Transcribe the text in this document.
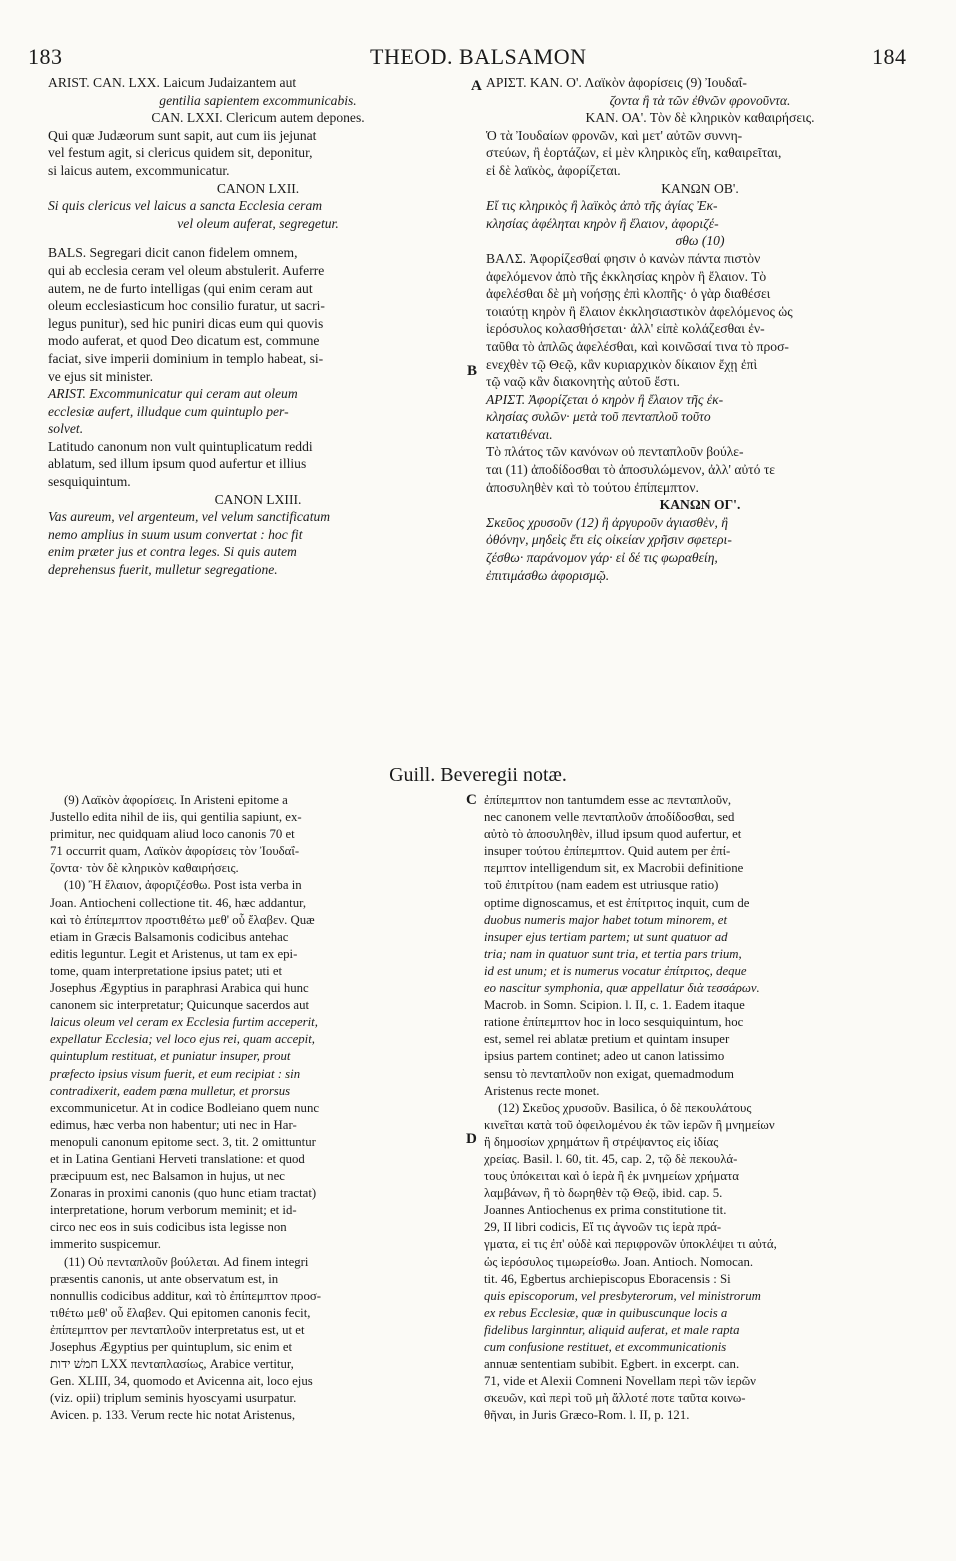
183	THEOD. BALSAMON	184
A
B
C
D

ARIST. CAN. LXX. Laicum Judaizantem aut

gentilia sapientem excommunicabis.

CAN. LXXI. Clericum autem depones.

Qui quæ Judæorum sunt sapit, aut cum iis jejunat

vel festum agit, si clericus quidem sit, deponitur,

si laicus autem, excommunicatur.

CANON LXII.

Si quis clericus vel laicus a sancta Ecclesia ceram

vel oleum auferat, segregetur.

BALS. Segregari dicit canon fidelem omnem,

qui ab ecclesia ceram vel oleum abstulerit. Auferre

autem, ne de furto intelligas (qui enim ceram aut

oleum ecclesiasticum hoc consilio furatur, ut sacri-

legus punitur), sed hic puniri dicas eum qui quovis

modo auferat, et quod Deo dicatum est, commune

faciat, sive imperii dominium in templo habeat, si-

ve ejus sit minister.

ARIST. Excommunicatur qui ceram aut oleum

ecclesiæ aufert, illudque cum quintuplo per-

solvet.

Latitudo canonum non vult quintuplicatum reddi

ablatum, sed illum ipsum quod aufertur et illius

sesquiquintum.

CANON LXIII.

Vas aureum, vel argenteum, vel velum sanctificatum

nemo amplius in suum usum convertat : hoc fit

enim præter jus et contra leges. Si quis autem

deprehensus fuerit, mulletur segregatione.

ΑΡΙΣΤ. ΚΑΝ. Ο'. Λαϊκὸν ἀφορίσεις (9) Ἰουδαΐ-

ζοντα ἢ τὰ τῶν ἐθνῶν φρονοῦντα.

ΚΑΝ. ΟΑ'. Τὸν δὲ κληρικὸν καθαιρήσεις.

Ὁ τὰ Ἰουδαίων φρονῶν, καὶ μετ' αὐτῶν συννη-

στεύων, ἢ ἑορτάζων, εἰ μὲν κληρικὸς εἴη, καθαιρεῖται,

εἰ δὲ λαϊκὸς, ἀφορίζεται.

ΚΑΝΩΝ ΟΒ'.

Εἴ τις κληρικὸς ἢ λαϊκὸς ἀπὸ τῆς ἁγίας Ἐκ-

κλησίας ἀφέληται κηρὸν ἢ ἔλαιον, ἀφοριζέ-

σθω (10)

ΒΑΛΣ. Ἀφορίζεσθαί φησιν ὁ κανὼν πάντα πιστὸν

ἀφελόμενον ἀπὸ τῆς ἐκκλησίας κηρὸν ἢ ἔλαιον. Τὸ

ἀφελέσθαι δὲ μὴ νοήσῃς ἐπὶ κλοπῆς· ὁ γὰρ διαθέσει

τοιαύτῃ κηρὸν ἢ ἔλαιον ἐκκλησιαστικὸν ἀφελόμενος ὡς

ἱερόσυλος κολασθήσεται· ἀλλ' εἰπὲ κολάζεσθαι ἐν-

ταῦθα τὸ ἁπλῶς ἀφελέσθαι, καὶ κοινῶσαί τινα τὸ προσ-

ενεχθὲν τῷ Θεῷ, κἂν κυριαρχικὸν δίκαιον ἔχῃ ἐπὶ

τῷ ναῷ κἂν διακονητὴς αὐτοῦ ἔστι.

ΑΡΙΣΤ. Ἀφορίζεται ὁ κηρὸν ἢ ἔλαιον τῆς ἐκ-

κλησίας συλῶν· μετὰ τοῦ πενταπλοῦ τοῦτο

κατατιθέναι.

Τὸ πλάτος τῶν κανόνων οὐ πενταπλοῦν βούλε-

ται (11) ἀποδίδοσθαι τὸ ἀποσυλώμενον, ἀλλ' αὐτό τε

ἀποσυληθὲν καὶ τὸ τούτου ἐπίπεμπτον.

ΚΑΝΩΝ ΟΓ'.

Σκεῦος χρυσοῦν (12) ἢ ἀργυροῦν ἁγιασθὲν, ἢ

ὀθόνην, μηδεὶς ἔτι εἰς οἰκείαν χρῆσιν σφετερι-

ζέσθω· παράνομον γάρ· εἰ δέ τις φωραθείη,

ἐπιτιμάσθω ἀφορισμῷ.

Guill. Beveregii notæ.

(9) Λαϊκὸν ἀφορίσεις. In Aristeni epitome a

Justello edita nihil de iis, qui gentilia sapiunt, ex-

primitur, nec quidquam aliud loco canonis 70 et

71 occurrit quam, Λαϊκὸν ἀφορίσεις τὸν Ἰουδαΐ-

ζοντα· τὸν δὲ κληρικὸν καθαιρήσεις.

(10) Ἢ ἔλαιον, ἀφοριζέσθω. Post ista verba in

Joan. Antiocheni collectione tit. 46, hæc addantur,

καὶ τὸ ἐπίπεμπτον προστιθέτω μεθ' οὗ ἔλαβεν. Quæ

etiam in Græcis Balsamonis codicibus antehac

editis leguntur. Legit et Aristenus, ut tam ex epi-

tome, quam interpretatione ipsius patet; uti et

Josephus Ægyptius in paraphrasi Arabica qui hunc

canonem sic interpretatur; Quicunque sacerdos aut

laicus oleum vel ceram ex Ecclesia furtim acceperit,

expellatur Ecclesia; vel loco ejus rei, quam accepit,

quintuplum restituat, et puniatur insuper, prout

præfecto ipsius visum fuerit, et eum recipiat : sin

contradixerit, eadem pœna mulletur, et prorsus

excommunicetur. At in codice Bodleiano quem nunc

edimus, hæc verba non habentur; uti nec in Har-

menopuli canonum epitome sect. 3, tit. 2 omittuntur

et in Latina Gentiani Herveti translatione: et quod

præcipuum est, nec Balsamon in hujus, ut nec

Zonaras in proximi canonis (quo hunc etiam tractat)

interpretatione, horum verborum meminit; et id-

circo nec eos in suis codicibus ista legisse non

immerito suspicemur.

(11) Οὐ πενταπλοῦν βούλεται. Ad finem integri

præsentis canonis, ut ante observatum est, in

nonnullis codicibus additur, καὶ τὸ ἐπίπεμπτον προσ-

τιθέτω μεθ' οὗ ἔλαβεν. Qui epitomen canonis fecit,

ἐπίπεμπτον per πενταπλοῦν interpretatus est, ut et

Josephus Ægyptius per quintuplum, sic enim et

חמשׁ ידות LXX πενταπλασίως, Arabice vertitur,

Gen. XLIII, 34, quomodo et Avicenna ait, loco ejus

(viz. opii) triplum seminis hyoscyami usurpatur.

Avicen. p. 133. Verum recte hic notat Aristenus,

ἐπίπεμπτον non tantumdem esse ac πενταπλοῦν,

nec canonem velle πενταπλοῦν ἀποδίδοσθαι, sed

αὐτὸ τὸ ἀποσυληθὲν, illud ipsum quod aufertur, et

insuper τούτου ἐπίπεμπτον. Quid autem per ἐπί-

πεμπτον intelligendum sit, ex Macrobii definitione

τοῦ ἐπιτρίτου (nam eadem est utriusque ratio)

optime dignoscamus, et est ἐπίτριτος inquit, cum de

duobus numeris major habet totum minorem, et

insuper ejus tertiam partem; ut sunt quatuor ad

tria; nam in quatuor sunt tria, et tertia pars trium,

id est unum; et is numerus vocatur ἐπίτριτος, deque

eo nascitur symphonia, quæ appellatur διὰ τεσσάρων.

Macrob. in Somn. Scipion. l. II, c. 1. Eadem itaque

ratione ἐπίπεμπτον hoc in loco sesquiquintum, hoc

est, semel rei ablatæ pretium et quintam insuper

ipsius partem continet; adeo ut canon latissimo

sensu τὸ πενταπλοῦν non exigat, quemadmodum

Aristenus recte monet.

(12) Σκεῦος χρυσοῦν. Basilica, ὁ δὲ πεκουλάτους

κινεῖται κατὰ τοῦ ὀφειλομένου ἐκ τῶν ἱερῶν ἢ μνημείων

ἢ δημοσίων χρημάτων ἢ στρέψαντος εἰς ἰδίας

χρείας. Basil. l. 60, tit. 45, cap. 2, τῷ δὲ πεκουλά-

τους ὑπόκειται καὶ ὁ ἱερὰ ἢ ἐκ μνημείων χρήματα

λαμβάνων, ἢ τὸ δωρηθὲν τῷ Θεῷ, ibid. cap. 5.

Joannes Antiochenus ex prima constitutione tit.

29, II libri codicis, Εἴ τις ἀγνοῶν τις ἱερὰ πρά-

γματα, εἰ τις ἐπ' οὐδὲ καὶ περιφρονῶν ὑποκλέψει τι αὐτά,

ὡς ἱερόσυλος τιμωρείσθω. Joan. Antioch. Nomocan.

tit. 46, Egbertus archiepiscopus Eboracensis : Si

quis episcoporum, vel presbyterorum, vel ministrorum

ex rebus Ecclesiæ, quæ in quibuscunque locis a

fidelibus larginntur, aliquid auferat, et male rapta

cum confusione restituet, et excommunicationis

annuæ sententiam subibit. Egbert. in excerpt. can.

71, vide et Alexii Comneni Novellam περὶ τῶν ἱερῶν

σκευῶν, καὶ περὶ τοῦ μὴ ἄλλοτέ ποτε ταῦτα κοινω-

θῆναι, in Juris Græco-Rom. l. II, p. 121.
